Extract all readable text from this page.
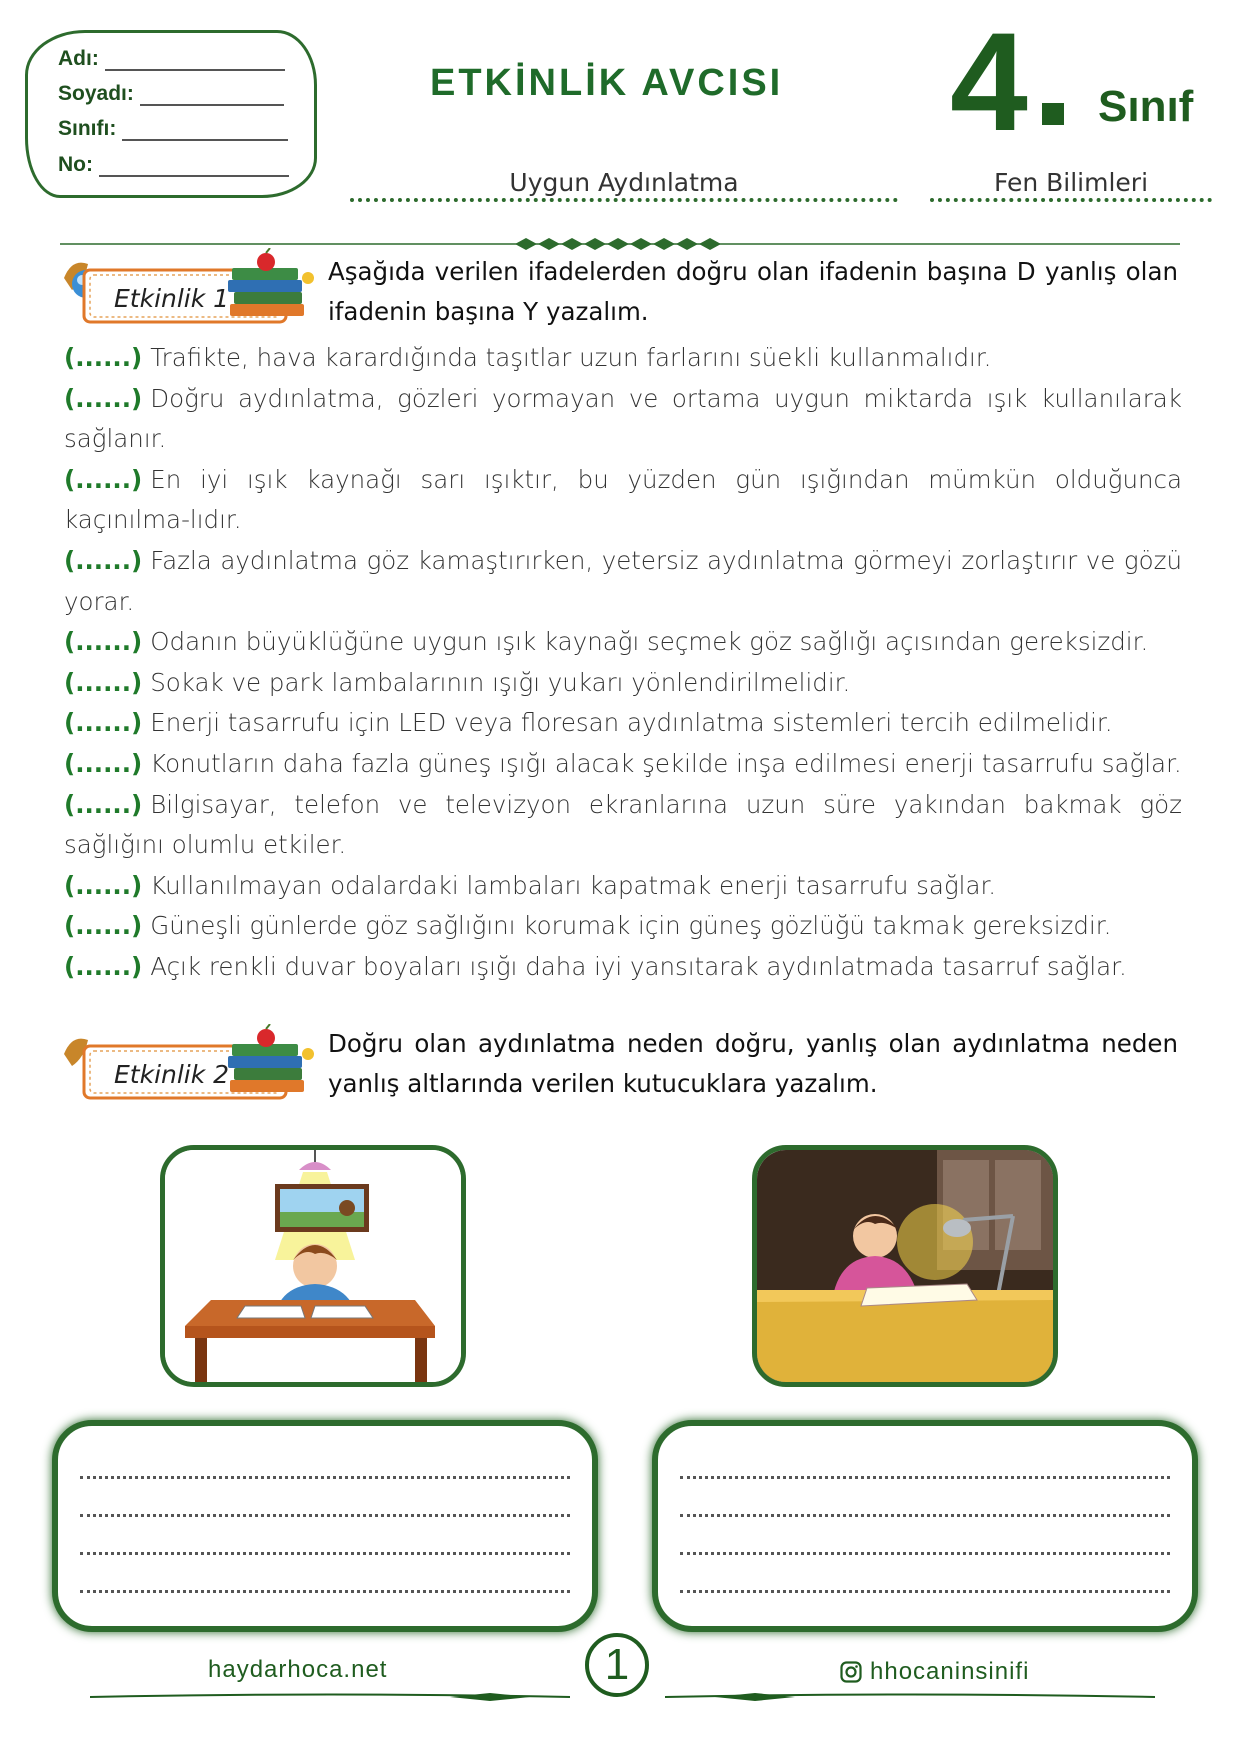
Adı:
Soyadı:
Sınıfı:
No:
ETKİNLİK AVCISI 4 Sınıf
Uygun Aydınlatma	Fen Bilimleri
Etkinlik 1
Aşağıda verilen ifadelerden doğru olan ifadenin başına D yanlış olan ifadenin başına Y yazalım.

(......) Trafikte, hava karardığında taşıtlar uzun farlarını süekli kullanmalıdır.

(......) Doğru aydınlatma, gözleri yormayan ve ortama uygun miktarda ışık kullanılarak sağlanır.

(......) En iyi ışık kaynağı sarı ışıktır, bu yüzden gün ışığından mümkün olduğunca kaçınılma-lıdır.

(......) Fazla aydınlatma göz kamaştırırken, yetersiz aydınlatma görmeyi zorlaştırır ve gözü yorar.

(......) Odanın büyüklüğüne uygun ışık kaynağı seçmek göz sağlığı açısından gereksizdir.

(......) Sokak ve park lambalarının ışığı yukarı yönlendirilmelidir.

(......) Enerji tasarrufu için LED veya floresan aydınlatma sistemleri tercih edilmelidir.

(......) Konutların daha fazla güneş ışığı alacak şekilde inşa edilmesi enerji tasarrufu sağlar.

(......) Bilgisayar, telefon ve televizyon ekranlarına uzun süre yakından bakmak göz sağlığını olumlu etkiler.

(......) Kullanılmayan odalardaki lambaları kapatmak enerji tasarrufu sağlar.

(......) Güneşli günlerde göz sağlığını korumak için güneş gözlüğü takmak gereksizdir.

(......) Açık renkli duvar boyaları ışığı daha iyi yansıtarak aydınlatmada tasarruf sağlar.

Etkinlik 2
Doğru olan aydınlatma neden doğru, yanlış olan aydınlatma neden yanlış altlarında verilen kutucuklara yazalım.
haydarhoca.net	1	hhocaninsinifi
